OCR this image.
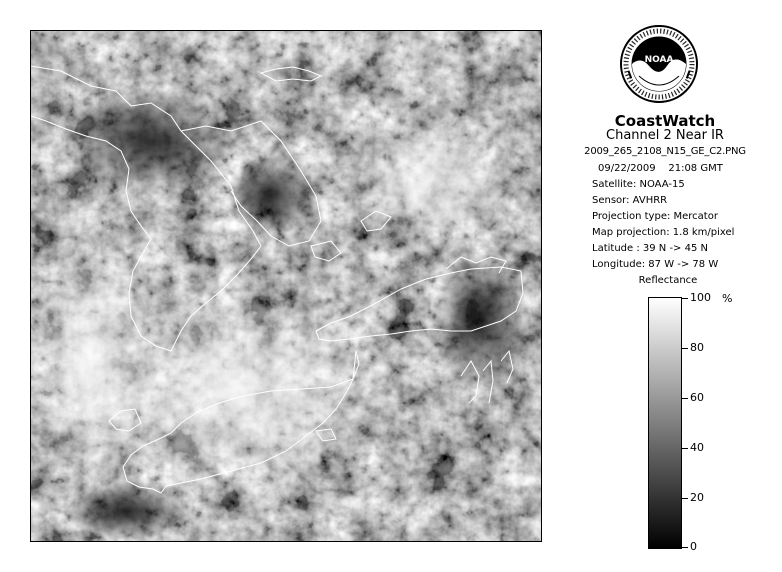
NOAA
CoastWatch
Channel 2 Near IR
2009_265_2108_N15_GE_C2.PNG
09/22/2009    21:08 GMT
Satellite: NOAA-15
Sensor: AVHRR
Projection type: Mercator
Map projection: 1.8 km/pixel
Latitude : 39 N -> 45 N
Longitude: 87 W -> 78 W
Reflectance
%
100
80
60
40
20
0
